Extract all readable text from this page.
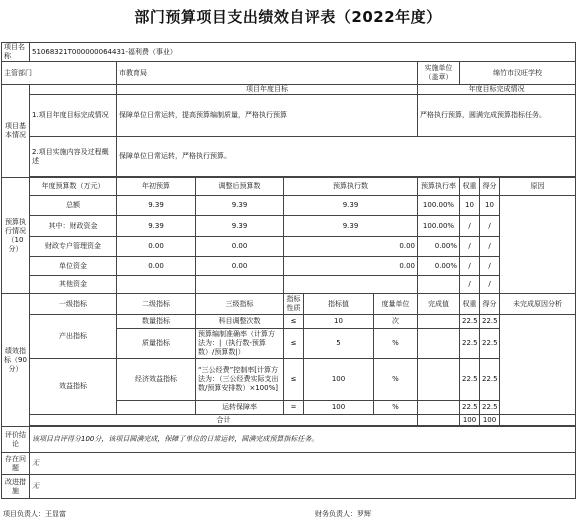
部门预算项目支出绩效自评表（2022年度）
项目名称	51068321T000000064431-福利费（事业）									
主管部门		市教育局					实施单位（盖章）	绵竹市汉旺学校		
项目基本情况		项目年度目标					年度目标完成情况			
	1.项目年度目标完成情况	保障单位日常运转，提高预算编制质量，严格执行预算					严格执行预算，圆满完成预算指标任务。			
	2.项目实施内容及过程概述	保障单位日常运转，严格执行预算。								

预算执行情况（10分）	年度预算数（万元）	年初预算	调整后预算数	预算执行数			预算执行率	权重	得分	原因
	总额	9.39	9.39	9.39			100.00%	10	10	
	其中：财政资金	9.39	9.39	9.39			100.00%	/	/	
	财政专户管理资金	0.00	0.00	0.00			0.00%	/	/	
	单位资金	0.00	0.00	0.00			0.00%	/	/	
	其他资金							/	/	
绩效指标（90分）	一级指标	二级指标	三级指标	指标性质	指标值	度量单位	完成值	权重	得分	未完成原因分析
	产出指标	数量指标	科目调整次数	≤	10	次		22.5	22.5	
		质量指标	预算编制准确率（计算方法为：|（执行数-预算数）/预算数|）	≤	5	%		22.5	22.5	
	效益指标	经济效益指标	“三公经费”控制率[计算方法为：（三公经费实际支出数/预算安排数）×100%]	≤	100	%		22.5	22.5	
			运转保障率	=	100	%		22.5	22.5	
	合计							100	100	

评价结论	该项目自评得分100分，该项目圆满完成，保障了单位的日常运转，圆满完成预算指标任务。									
存在问题	无									
改进措施	无									
项目负责人：王显富	财务负责人：罗辉
